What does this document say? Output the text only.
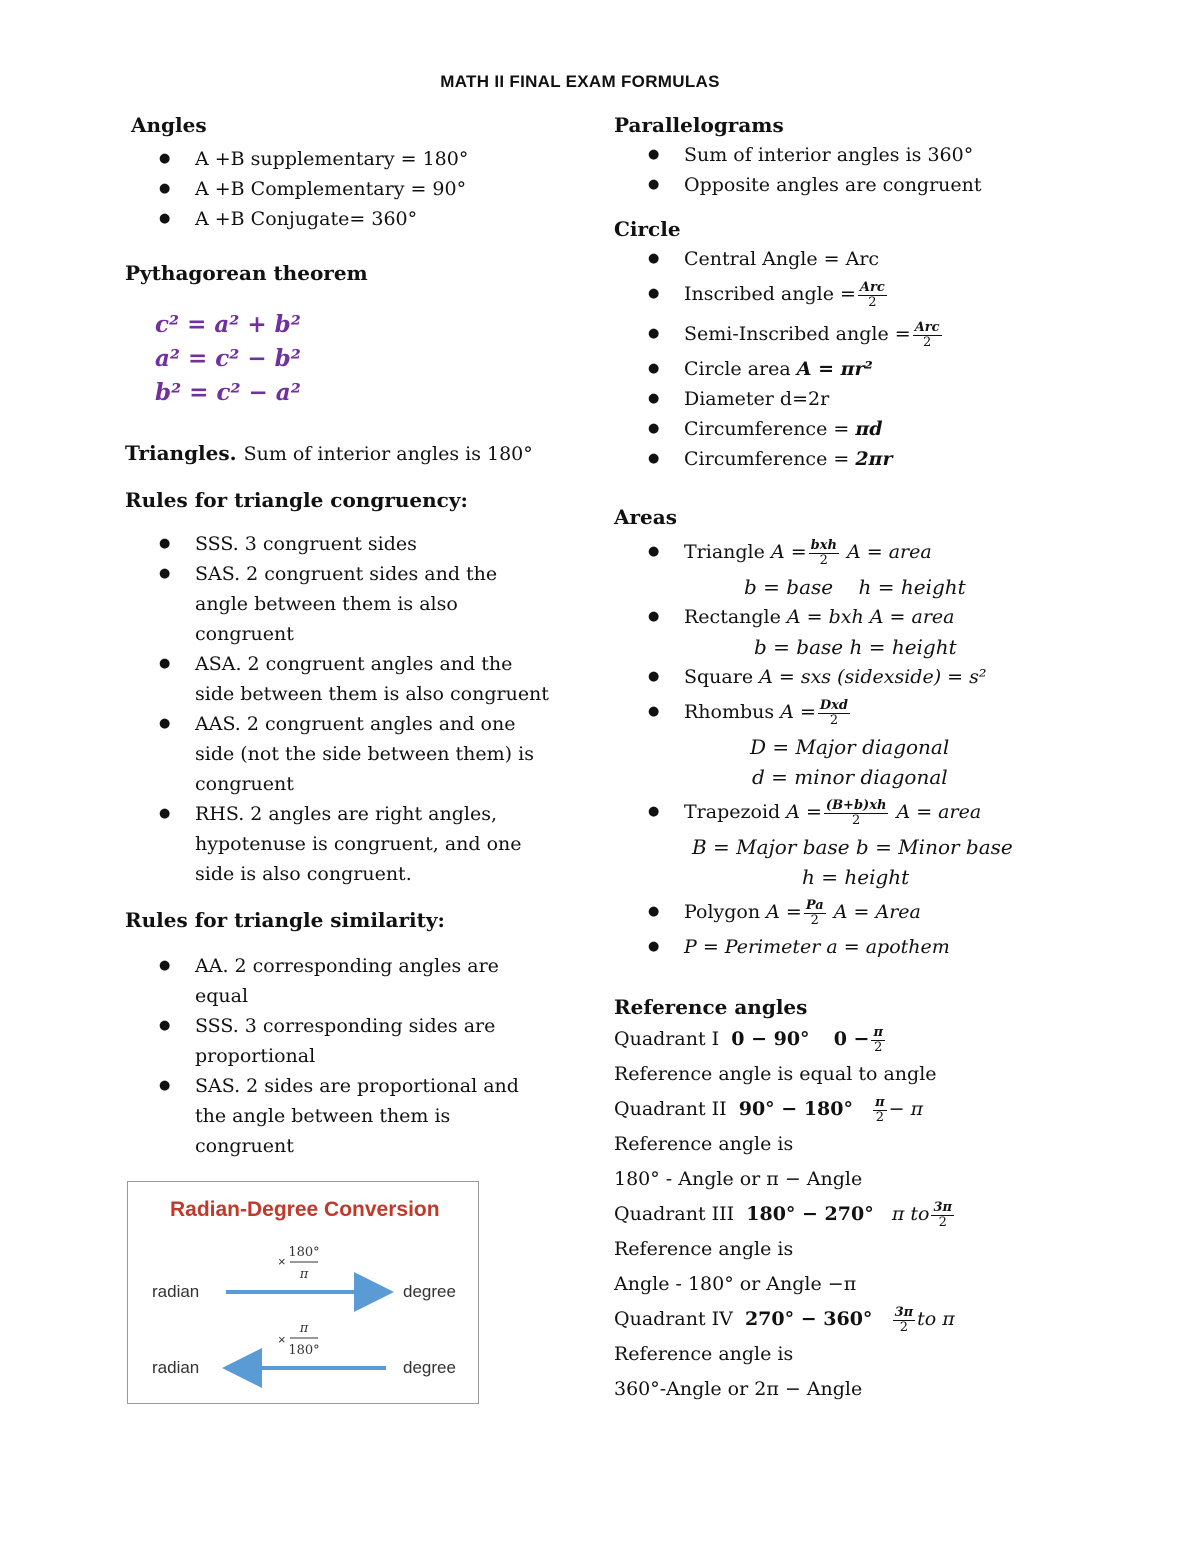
MATH II FINAL EXAM FORMULAS
Angles
● A +B supplementary = 180°
● A +B Complementary = 90°
● A +B Conjugate= 360°
Pythagorean theorem
c² = a² + b²
a² = c² − b²
b² = c² − a²
Triangles. Sum of interior angles is 180°
Rules for triangle congruency:
● SSS. 3 congruent sides
● SAS. 2 congruent sides and the angle between them is also congruent
● ASA. 2 congruent angles and the side between them is also congruent
● AAS. 2 congruent angles and one side (not the side between them) is congruent
● RHS. 2 angles are right angles, hypotenuse is congruent, and one side is also congruent.
Rules for triangle similarity:
● AA. 2 corresponding angles are equal
● SSS. 3 corresponding sides are proportional
● SAS. 2 sides are proportional and the angle between them is congruent
Radian-Degree Conversion
×
180°
π
radian	degree
×
π
180°
radian	degree
Parallelograms
● Sum of interior angles is 360°
● Opposite angles are congruent
Circle
● Central Angle = Arc
● Inscribed angle = $\frac{\text{Arc}}{2}$
● Semi-Inscribed angle = $\frac{\text{Arc}}{2}$
● Circle area A = πr²
● Diameter d=2r
● Circumference = πd
● Circumference = 2πr
Areas
● Triangle $A = \frac{\text{bxh}}{2}$ A = area
b = base    h = height
● Rectangle A = bxh A = area
b = base h = height
● Square A = sxs (sidexside) = s²
● Rhombus $A = \frac{\text{Dxd}}{2}$
D = Major diagonal
d = minor diagonal
● Trapezoid $A = \frac{(B+b)xh}{2}$ A = area
B = Major base b = Minor base
h = height
● Polygon $A = \frac{Pa}{2}$ A = Area
● P = Perimeter a = apothem
Reference angles
Quadrant I 0 − 90° $0 - \frac{\pi}{2}$
Reference angle is equal to angle
Quadrant II $90^\circ - 180^\circ \frac{\pi}{2} - \pi$
Reference angle is
180° - Angle or π − Angle
Quadrant III 180° − 270° π to $\frac{3\pi}{2}$
Reference angle is
Angle - 180° or Angle −π
Quadrant IV $270^\circ - 360^\circ \frac{3\pi}{2}$ to π
Reference angle is
360°-Angle or 2π − Angle
